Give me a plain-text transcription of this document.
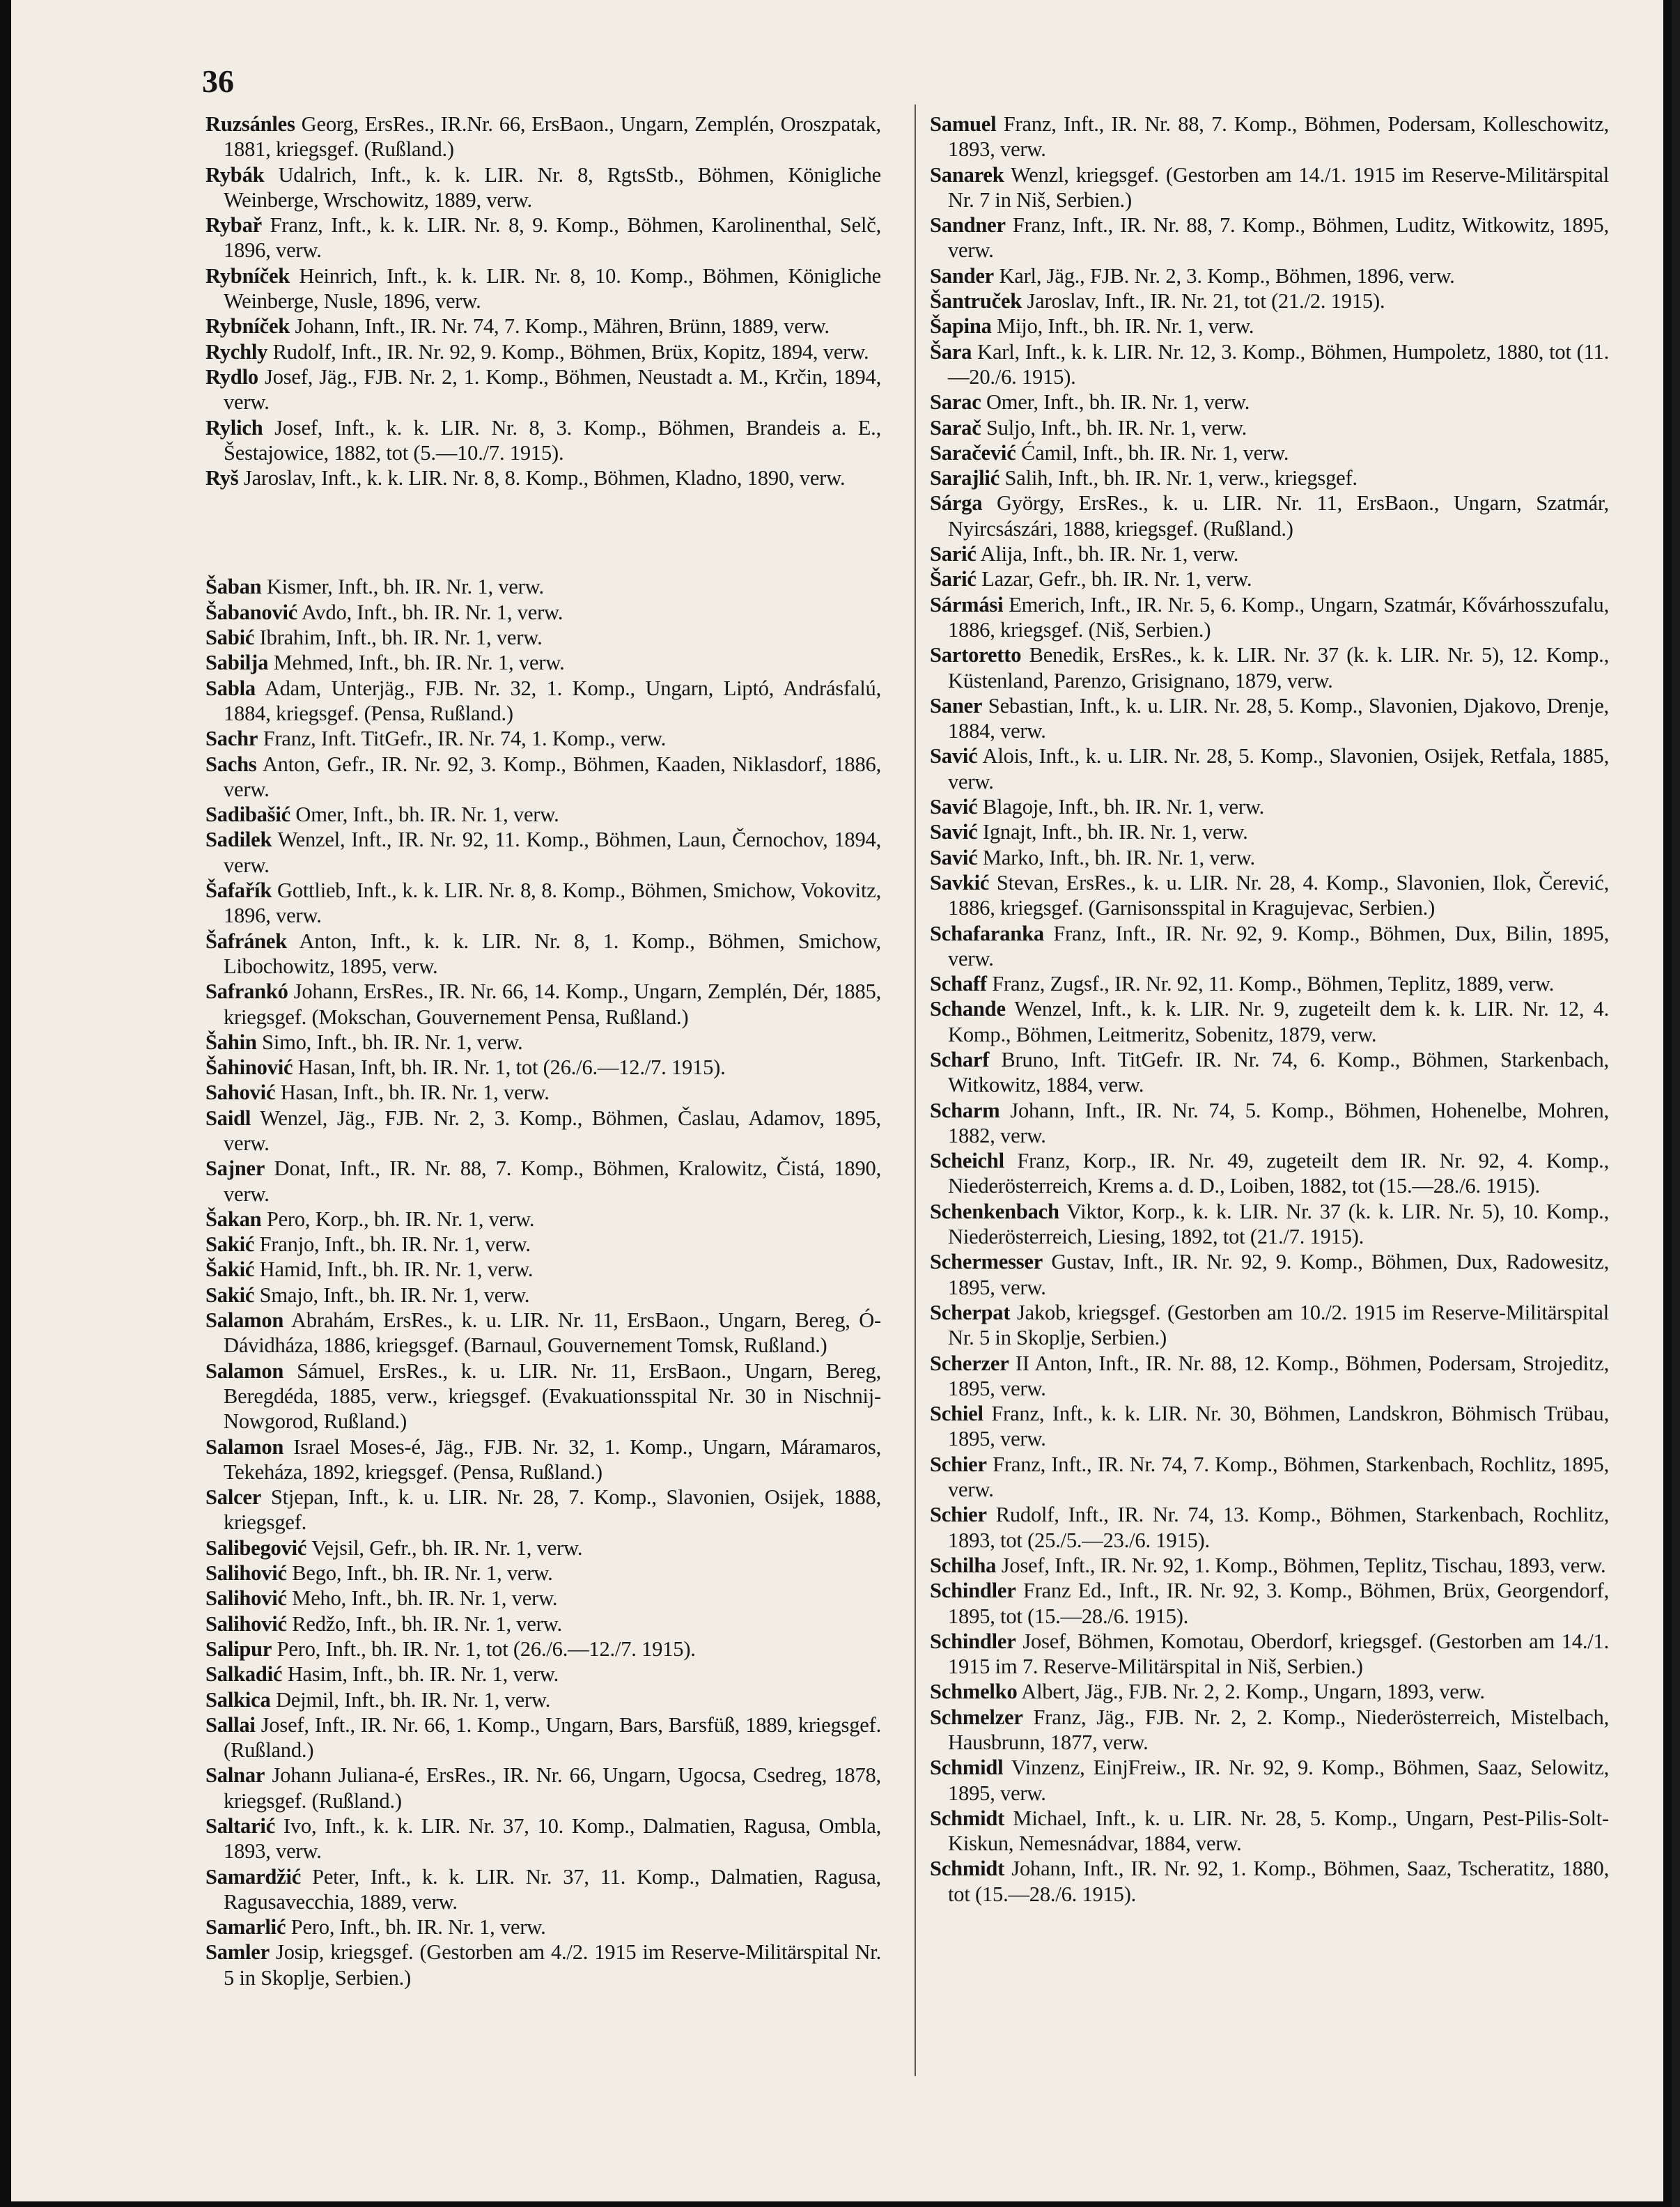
36
Ruzsánles Georg, ErsRes., IR.Nr. 66, ErsBaon., Ungarn, Zemplén, Oroszpatak, 1881, kriegsgef. (Rußland.)
Rybák Udalrich, Inft., k. k. LIR. Nr. 8, RgtsStb., Böhmen, Königliche Weinberge, Wrschowitz, 1889, verw.
Rybař Franz, Inft., k. k. LIR. Nr. 8, 9. Komp., Böhmen, Karolinenthal, Selč, 1896, verw.
Rybníček Heinrich, Inft., k. k. LIR. Nr. 8, 10. Komp., Böhmen, Königliche Weinberge, Nusle, 1896, verw.
Rybníček Johann, Inft., IR. Nr. 74, 7. Komp., Mähren, Brünn, 1889, verw.
Rychly Rudolf, Inft., IR. Nr. 92, 9. Komp., Böhmen, Brüx, Kopitz, 1894, verw.
Rydlo Josef, Jäg., FJB. Nr. 2, 1. Komp., Böhmen, Neustadt a. M., Krčin, 1894, verw.
Rylich Josef, Inft., k. k. LIR. Nr. 8, 3. Komp., Böhmen, Brandeis a. E., Šestajowice, 1882, tot (5.—10./7. 1915).
Ryš Jaroslav, Inft., k. k. LIR. Nr. 8, 8. Komp., Böhmen, Kladno, 1890, verw.
Šaban Kismer, Inft., bh. IR. Nr. 1, verw.
Šabanović Avdo, Inft., bh. IR. Nr. 1, verw.
Sabić Ibrahim, Inft., bh. IR. Nr. 1, verw.
Sabilja Mehmed, Inft., bh. IR. Nr. 1, verw.
Sabla Adam, Unterjäg., FJB. Nr. 32, 1. Komp., Ungarn, Liptó, Andrásfalú, 1884, kriegsgef. (Pensa, Rußland.)
Sachr Franz, Inft. TitGefr., IR. Nr. 74, 1. Komp., verw.
Sachs Anton, Gefr., IR. Nr. 92, 3. Komp., Böhmen, Kaaden, Niklasdorf, 1886, verw.
Sadibašić Omer, Inft., bh. IR. Nr. 1, verw.
Sadilek Wenzel, Inft., IR. Nr. 92, 11. Komp., Böhmen, Laun, Černochov, 1894, verw.
Šafařík Gottlieb, Inft., k. k. LIR. Nr. 8, 8. Komp., Böhmen, Smichow, Vokovitz, 1896, verw.
Šafránek Anton, Inft., k. k. LIR. Nr. 8, 1. Komp., Böhmen, Smichow, Libochowitz, 1895, verw.
Safrankó Johann, ErsRes., IR. Nr. 66, 14. Komp., Ungarn, Zemplén, Dér, 1885, kriegsgef. (Mokschan, Gouvernement Pensa, Rußland.)
Šahin Simo, Inft., bh. IR. Nr. 1, verw.
Šahinović Hasan, Inft, bh. IR. Nr. 1, tot (26./6.—12./7. 1915).
Sahović Hasan, Inft., bh. IR. Nr. 1, verw.
Saidl Wenzel, Jäg., FJB. Nr. 2, 3. Komp., Böhmen, Časlau, Adamov, 1895, verw.
Sajner Donat, Inft., IR. Nr. 88, 7. Komp., Böhmen, Kralowitz, Čistá, 1890, verw.
Šakan Pero, Korp., bh. IR. Nr. 1, verw.
Sakić Franjo, Inft., bh. IR. Nr. 1, verw.
Šakić Hamid, Inft., bh. IR. Nr. 1, verw.
Sakić Smajo, Inft., bh. IR. Nr. 1, verw.
Salamon Abrahám, ErsRes., k. u. LIR. Nr. 11, ErsBaon., Ungarn, Bereg, Ó-Dávidháza, 1886, kriegsgef. (Barnaul, Gouvernement Tomsk, Rußland.)
Salamon Sámuel, ErsRes., k. u. LIR. Nr. 11, ErsBaon., Ungarn, Bereg, Beregdéda, 1885, verw., kriegsgef. (Evakuationsspital Nr. 30 in Nischnij-Nowgorod, Rußland.)
Salamon Israel Moses-é, Jäg., FJB. Nr. 32, 1. Komp., Ungarn, Máramaros, Tekeháza, 1892, kriegsgef. (Pensa, Rußland.)
Salcer Stjepan, Inft., k. u. LIR. Nr. 28, 7. Komp., Slavonien, Osijek, 1888, kriegsgef.
Salibegović Vejsil, Gefr., bh. IR. Nr. 1, verw.
Salihović Bego, Inft., bh. IR. Nr. 1, verw.
Salihović Meho, Inft., bh. IR. Nr. 1, verw.
Salihović Redžo, Inft., bh. IR. Nr. 1, verw.
Salipur Pero, Inft., bh. IR. Nr. 1, tot (26./6.—12./7. 1915).
Salkadić Hasim, Inft., bh. IR. Nr. 1, verw.
Salkica Dejmil, Inft., bh. IR. Nr. 1, verw.
Sallai Josef, Inft., IR. Nr. 66, 1. Komp., Ungarn, Bars, Barsfüß, 1889, kriegsgef. (Rußland.)
Salnar Johann Juliana-é, ErsRes., IR. Nr. 66, Ungarn, Ugocsa, Csedreg, 1878, kriegsgef. (Rußland.)
Saltarić Ivo, Inft., k. k. LIR. Nr. 37, 10. Komp., Dalmatien, Ragusa, Ombla, 1893, verw.
Samardžić Peter, Inft., k. k. LIR. Nr. 37, 11. Komp., Dalmatien, Ragusa, Ragusavecchia, 1889, verw.
Samarlić Pero, Inft., bh. IR. Nr. 1, verw.
Samler Josip, kriegsgef. (Gestorben am 4./2. 1915 im Reserve-Militärspital Nr. 5 in Skoplje, Serbien.)
Samuel Franz, Inft., IR. Nr. 88, 7. Komp., Böhmen, Podersam, Kolleschowitz, 1893, verw.
Sanarek Wenzl, kriegsgef. (Gestorben am 14./1. 1915 im Reserve-Militärspital Nr. 7 in Niš, Serbien.)
Sandner Franz, Inft., IR. Nr. 88, 7. Komp., Böhmen, Luditz, Witkowitz, 1895, verw.
Sander Karl, Jäg., FJB. Nr. 2, 3. Komp., Böhmen, 1896, verw.
Šantruček Jaroslav, Inft., IR. Nr. 21, tot (21./2. 1915).
Šapina Mijo, Inft., bh. IR. Nr. 1, verw.
Šara Karl, Inft., k. k. LIR. Nr. 12, 3. Komp., Böhmen, Humpoletz, 1880, tot (11.—20./6. 1915).
Sarac Omer, Inft., bh. IR. Nr. 1, verw.
Sarač Suljo, Inft., bh. IR. Nr. 1, verw.
Saračević Ćamil, Inft., bh. IR. Nr. 1, verw.
Sarajlić Salih, Inft., bh. IR. Nr. 1, verw., kriegsgef.
Sárga György, ErsRes., k. u. LIR. Nr. 11, ErsBaon., Ungarn, Szatmár, Nyircsászári, 1888, kriegsgef. (Rußland.)
Sarić Alija, Inft., bh. IR. Nr. 1, verw.
Šarić Lazar, Gefr., bh. IR. Nr. 1, verw.
Sármási Emerich, Inft., IR. Nr. 5, 6. Komp., Ungarn, Szatmár, Kővárhosszufalu, 1886, kriegsgef. (Niš, Serbien.)
Sartoretto Benedik, ErsRes., k. k. LIR. Nr. 37 (k. k. LIR. Nr. 5), 12. Komp., Küstenland, Parenzo, Grisignano, 1879, verw.
Saner Sebastian, Inft., k. u. LIR. Nr. 28, 5. Komp., Slavonien, Djakovo, Drenje, 1884, verw.
Savić Alois, Inft., k. u. LIR. Nr. 28, 5. Komp., Slavonien, Osijek, Retfala, 1885, verw.
Savić Blagoje, Inft., bh. IR. Nr. 1, verw.
Savić Ignajt, Inft., bh. IR. Nr. 1, verw.
Savić Marko, Inft., bh. IR. Nr. 1, verw.
Savkić Stevan, ErsRes., k. u. LIR. Nr. 28, 4. Komp., Slavonien, Ilok, Čerević, 1886, kriegsgef. (Garnisonsspital in Kragujevac, Serbien.)
Schafaranka Franz, Inft., IR. Nr. 92, 9. Komp., Böhmen, Dux, Bilin, 1895, verw.
Schaff Franz, Zugsf., IR. Nr. 92, 11. Komp., Böhmen, Teplitz, 1889, verw.
Schande Wenzel, Inft., k. k. LIR. Nr. 9, zugeteilt dem k. k. LIR. Nr. 12, 4. Komp., Böhmen, Leitmeritz, Sobenitz, 1879, verw.
Scharf Bruno, Inft. TitGefr. IR. Nr. 74, 6. Komp., Böhmen, Starkenbach, Witkowitz, 1884, verw.
Scharm Johann, Inft., IR. Nr. 74, 5. Komp., Böhmen, Hohenelbe, Mohren, 1882, verw.
Scheichl Franz, Korp., IR. Nr. 49, zugeteilt dem IR. Nr. 92, 4. Komp., Niederösterreich, Krems a. d. D., Loiben, 1882, tot (15.—28./6. 1915).
Schenkenbach Viktor, Korp., k. k. LIR. Nr. 37 (k. k. LIR. Nr. 5), 10. Komp., Niederösterreich, Liesing, 1892, tot (21./7. 1915).
Schermesser Gustav, Inft., IR. Nr. 92, 9. Komp., Böhmen, Dux, Radowesitz, 1895, verw.
Scherpat Jakob, kriegsgef. (Gestorben am 10./2. 1915 im Reserve-Militärspital Nr. 5 in Skoplje, Serbien.)
Scherzer II Anton, Inft., IR. Nr. 88, 12. Komp., Böhmen, Podersam, Strojeditz, 1895, verw.
Schiel Franz, Inft., k. k. LIR. Nr. 30, Böhmen, Landskron, Böhmisch Trübau, 1895, verw.
Schier Franz, Inft., IR. Nr. 74, 7. Komp., Böhmen, Starkenbach, Rochlitz, 1895, verw.
Schier Rudolf, Inft., IR. Nr. 74, 13. Komp., Böhmen, Starkenbach, Rochlitz, 1893, tot (25./5.—23./6. 1915).
Schilha Josef, Inft., IR. Nr. 92, 1. Komp., Böhmen, Teplitz, Tischau, 1893, verw.
Schindler Franz Ed., Inft., IR. Nr. 92, 3. Komp., Böhmen, Brüx, Georgendorf, 1895, tot (15.—28./6. 1915).
Schindler Josef, Böhmen, Komotau, Oberdorf, kriegsgef. (Gestorben am 14./1. 1915 im 7. Reserve-Militärspital in Niš, Serbien.)
Schmelko Albert, Jäg., FJB. Nr. 2, 2. Komp., Ungarn, 1893, verw.
Schmelzer Franz, Jäg., FJB. Nr. 2, 2. Komp., Niederösterreich, Mistelbach, Hausbrunn, 1877, verw.
Schmidl Vinzenz, EinjFreiw., IR. Nr. 92, 9. Komp., Böhmen, Saaz, Selowitz, 1895, verw.
Schmidt Michael, Inft., k. u. LIR. Nr. 28, 5. Komp., Ungarn, Pest-Pilis-Solt-Kiskun, Nemesnádvar, 1884, verw.
Schmidt Johann, Inft., IR. Nr. 92, 1. Komp., Böhmen, Saaz, Tscheratitz, 1880, tot (15.—28./6. 1915).
